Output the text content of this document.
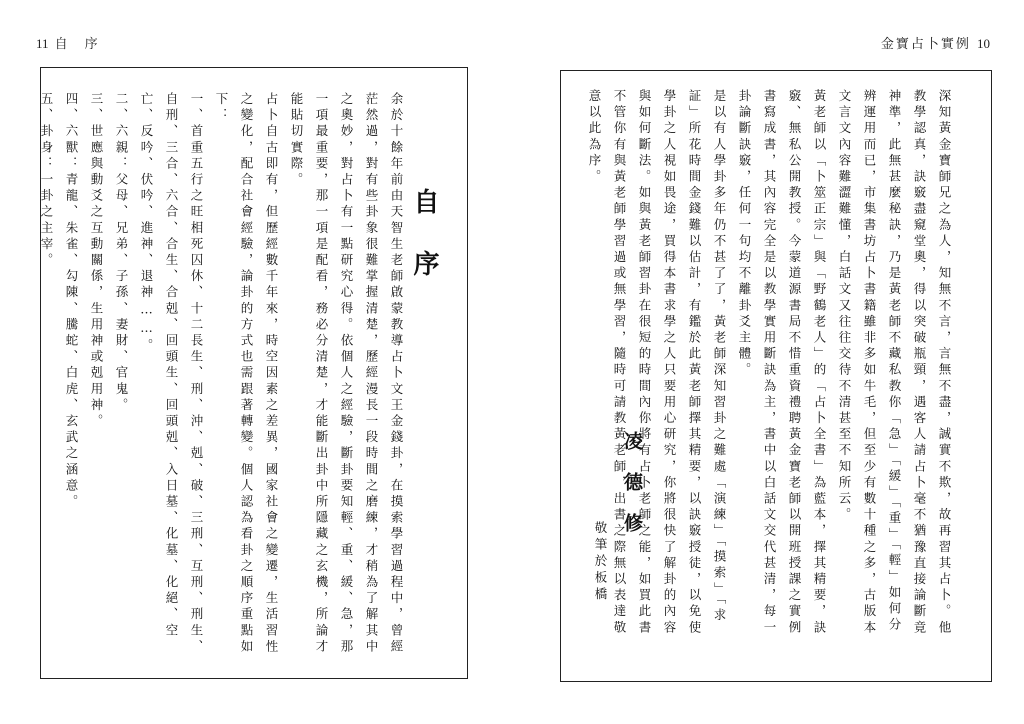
11 自　序
自序

余於十餘年前由天智生老師啟蒙教導占卜文王金錢卦，在摸索學習過程中，曾經茫然過，對有些卦象很難掌握清楚，歷經漫長一段時間之磨練，才稍為了解其中之奧妙，對占卜有一點研究心得。依個人之經驗，斷卦要知輕、重、緩、急，那一項最重要，那一項是配看，務必分清楚，才能斷出卦中所隱藏之玄機，所論才能貼切實際。

占卜自古即有，但歷經數千年來，時空因素之差異，國家社會之變遷，生活習性之變化，配合社會經驗，論卦的方式也需跟著轉變。個人認為看卦之順序重點如下：

一、首重五行之旺相死囚休、十二長生、刑、沖、剋、破、三刑、互刑、刑生、自刑、三合、六合、合生、合剋、回頭生、回頭剋、入日墓、化墓、化絕、空亡、反吟、伏吟、進神、退神……。

二、六親：父母、兄弟、子孫、妻財、官鬼。

三、世應與動爻之互動關係，生用神或剋用神。

四、六獸：青龍、朱雀、勾陳、騰蛇、白虎、玄武之涵意。

五、卦身：一卦之主宰。

金寶占卜實例 10

深知黃金寶師兄之為人，知無不言，言無不盡，誠實不欺，故再習其占卜。他教學認真，訣竅盡窺堂奧，得以突破瓶頸，遇客人請占卜毫不猶豫直接論斷竟神準，此無甚麼秘訣，乃是黃老師不藏私教你「急」「緩」「重」「輕」如何分辨運用而已，市集書坊占卜書籍雖非多如牛毛，但至少有數十種之多，古版本文言文內容難澀難懂，白話文又往往交待不清甚至不知所云。

黃老師以「卜筮正宗」與「野鶴老人」的「占卜全書」為藍本，擇其精要，訣竅、無私公開教授。今蒙道源書局不惜重資禮聘黃金寶老師以開班授課之實例書寫成書，其內容完全是以教學實用斷訣為主，書中以白話文交代甚清，每一卦論斷訣竅，任何一句均不離卦爻主體。

是以有人學卦多年仍不甚了了，黃老師深知習卦之難處「演練」「摸索」「求証」所花時間金錢難以估計，有鑑於此黃老師擇其精要，以訣竅授徒，以免使學卦之人視如畏途，買得本書求學之人只要用心研究，你將很快了解卦的內容與如何斷法。如與黃老師習卦在很短的時間內你將有占卜老師之能，如買此書不管你有與黃老師學習過或無學習，隨時可請教黃老師，出書之際無以表達敬意以此為序。

凌德修
敬筆於板橋
